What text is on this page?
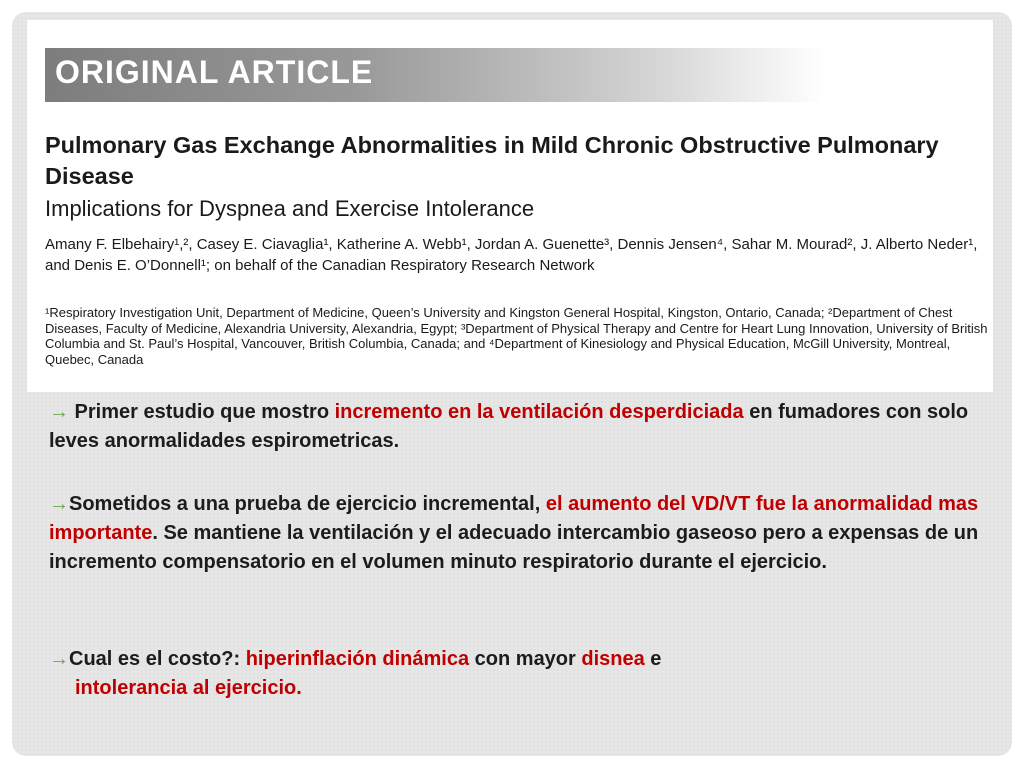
ORIGINAL ARTICLE
Pulmonary Gas Exchange Abnormalities in Mild Chronic Obstructive Pulmonary Disease
Implications for Dyspnea and Exercise Intolerance
Amany F. Elbehairy¹,², Casey E. Ciavaglia¹, Katherine A. Webb¹, Jordan A. Guenette³, Dennis Jensen⁴, Sahar M. Mourad², J. Alberto Neder¹, and Denis E. O’Donnell¹; on behalf of the Canadian Respiratory Research Network
¹Respiratory Investigation Unit, Department of Medicine, Queen’s University and Kingston General Hospital, Kingston, Ontario, Canada; ²Department of Chest Diseases, Faculty of Medicine, Alexandria University, Alexandria, Egypt; ³Department of Physical Therapy and Centre for Heart Lung Innovation, University of British Columbia and St. Paul’s Hospital, Vancouver, British Columbia, Canada; and ⁴Department of Kinesiology and Physical Education, McGill University, Montreal, Quebec, Canada
→ Primer estudio que mostro incremento en la ventilación desperdiciada en fumadores con solo leves anormalidades espirometricas.
→Sometidos a una prueba de ejercicio incremental, el aumento del VD/VT fue la anormalidad mas importante. Se mantiene la ventilación y el adecuado intercambio gaseoso pero a expensas de un incremento compensatorio en el volumen minuto respiratorio durante el ejercicio.
→Cual es el costo?: hiperinflación dinámica con mayor disnea e
intolerancia al ejercicio.
